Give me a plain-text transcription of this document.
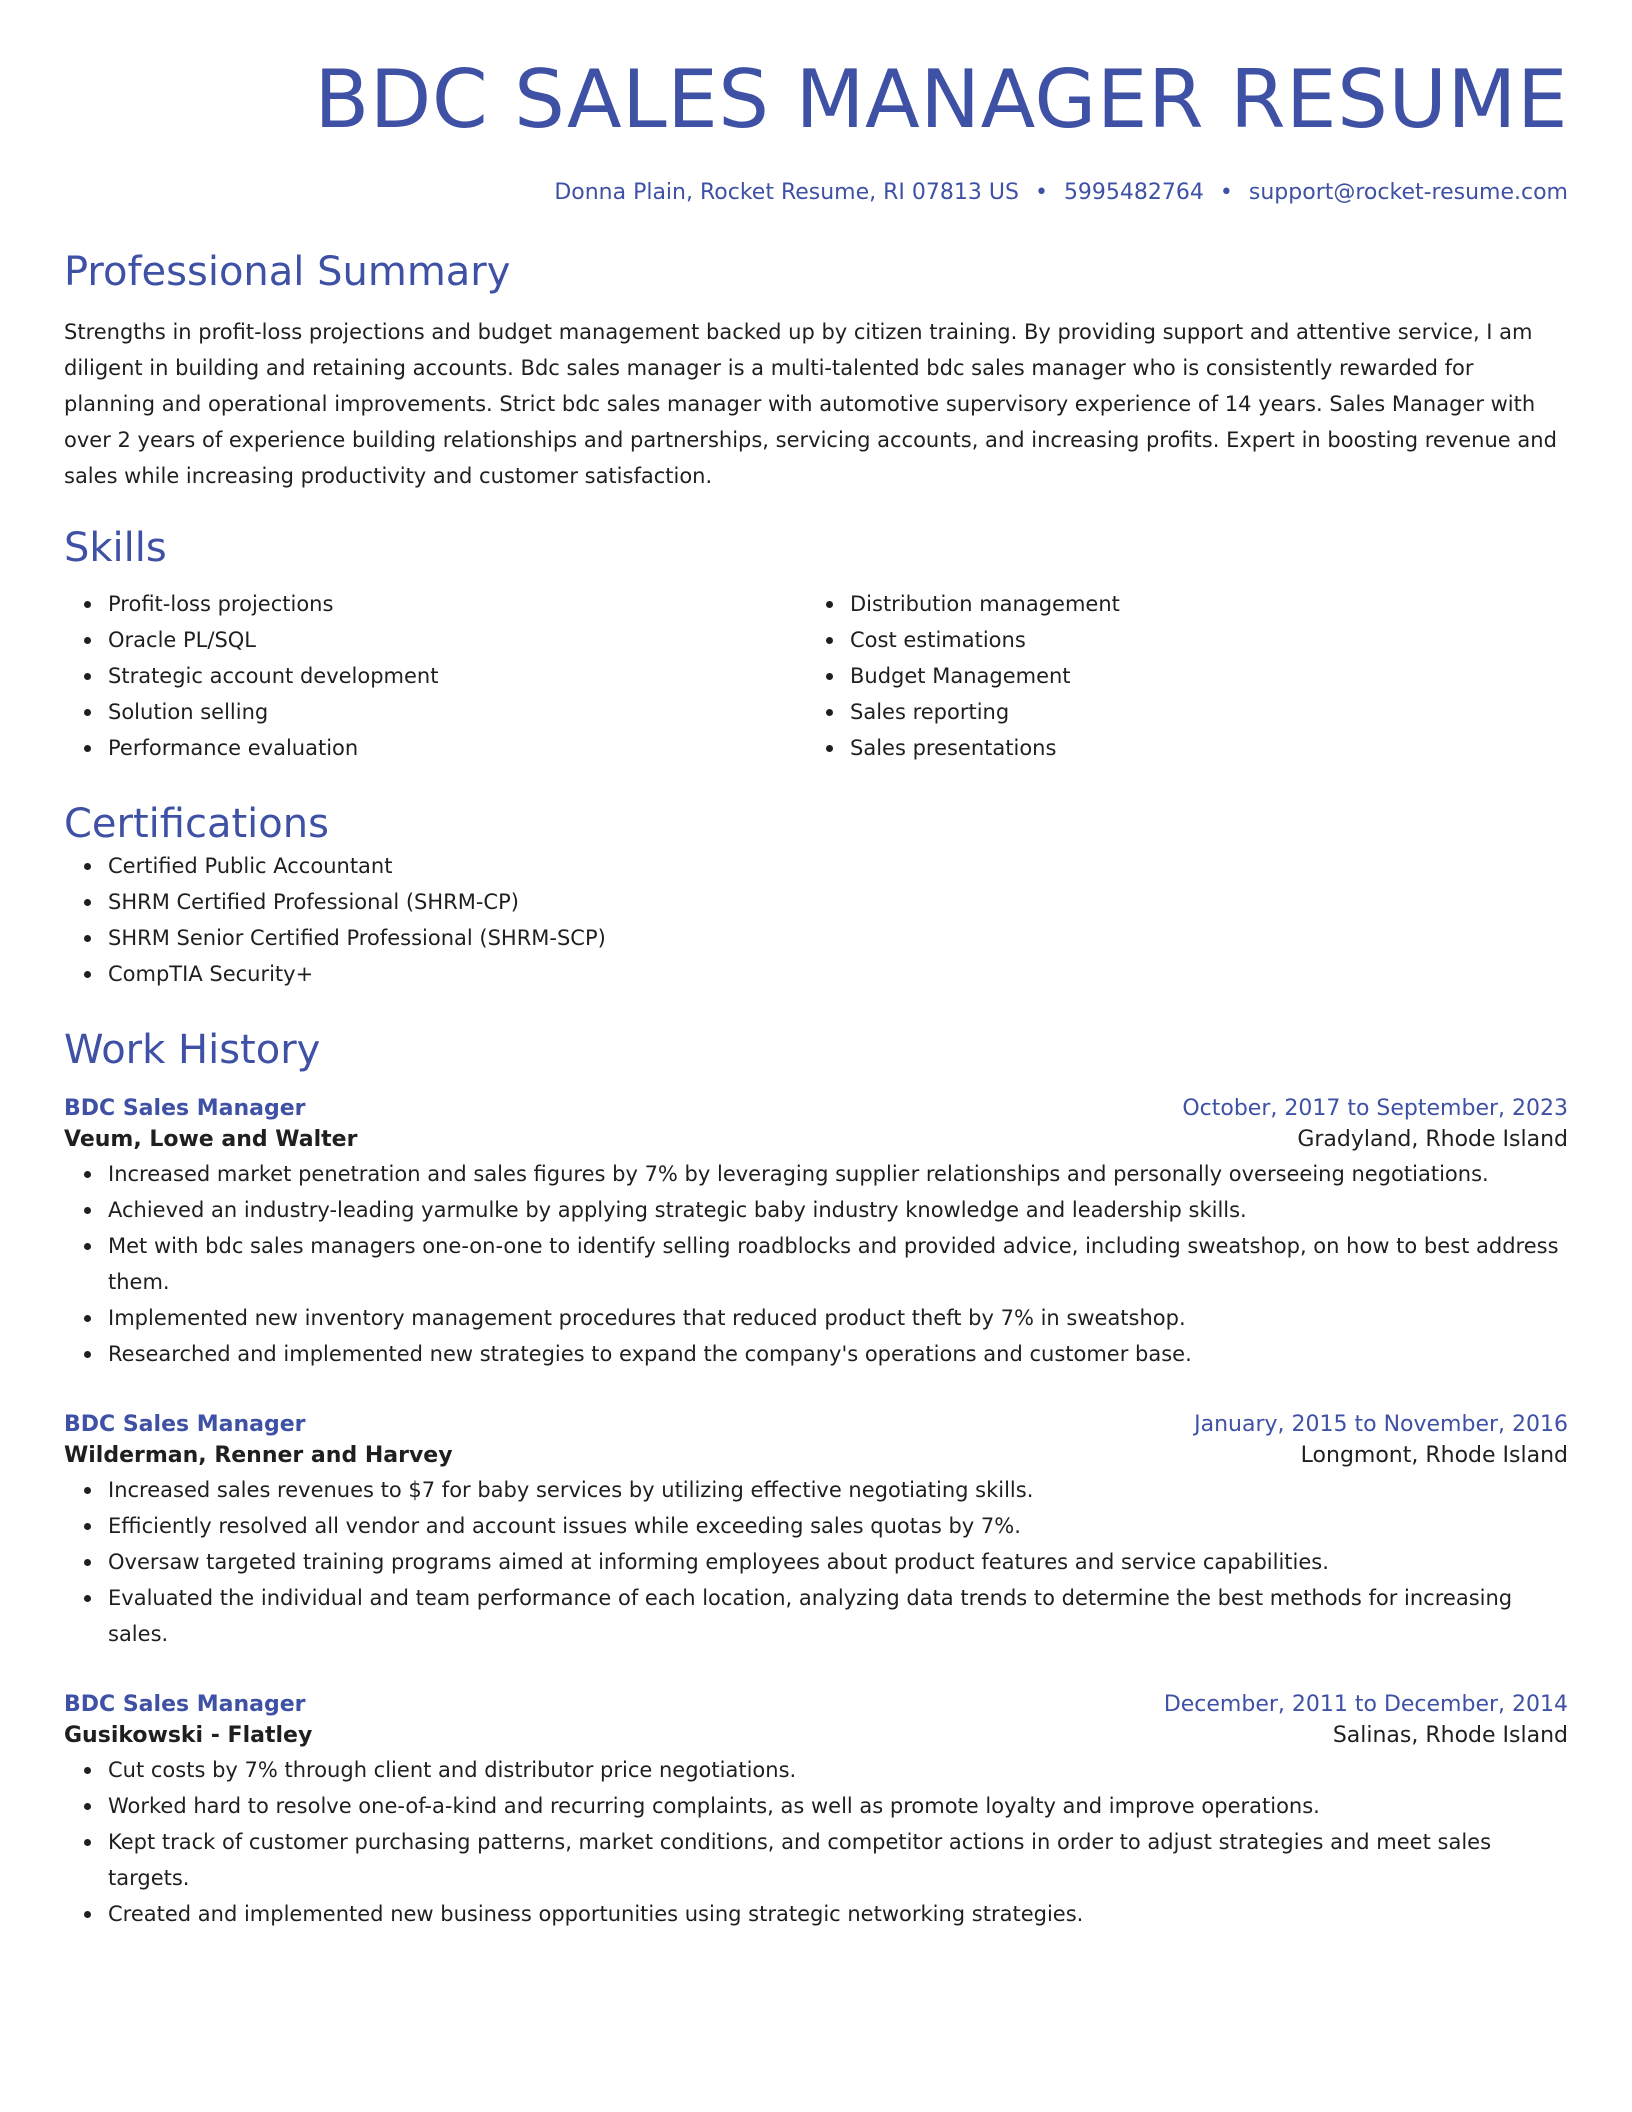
BDC SALES MANAGER RESUME
Donna Plain, Rocket Resume, RI 07813 US • 5995482764 • support@rocket-resume.com
Professional Summary

Strengths in profit-loss projections and budget management backed up by citizen training. By providing support and attentive service, I am diligent in building and retaining accounts. Bdc sales manager is a multi-talented bdc sales manager who is consistently rewarded for planning and operational improvements. Strict bdc sales manager with automotive supervisory experience of 14 years. Sales Manager with over 2 years of experience building relationships and partnerships, servicing accounts, and increasing profits. Expert in boosting revenue and sales while increasing productivity and customer satisfaction.

Skills
Profit-loss projections
Oracle PL/SQL
Strategic account development
Solution selling
Performance evaluation
Distribution management
Cost estimations
Budget Management
Sales reporting
Sales presentations
Certifications
Certified Public Accountant
SHRM Certified Professional (SHRM-CP)
SHRM Senior Certified Professional (SHRM-SCP)
CompTIA Security+
Work History
BDC Sales Manager	October, 2017 to September, 2023
Veum, Lowe and Walter	Gradyland, Rhode Island
Increased market penetration and sales figures by 7% by leveraging supplier relationships and personally overseeing negotiations.
Achieved an industry-leading yarmulke by applying strategic baby industry knowledge and leadership skills.
Met with bdc sales managers one-on-one to identify selling roadblocks and provided advice, including sweatshop, on how to best address them.
Implemented new inventory management procedures that reduced product theft by 7% in sweatshop.
Researched and implemented new strategies to expand the company's operations and customer base.
BDC Sales Manager	January, 2015 to November, 2016
Wilderman, Renner and Harvey	Longmont, Rhode Island
Increased sales revenues to $7 for baby services by utilizing effective negotiating skills.
Efficiently resolved all vendor and account issues while exceeding sales quotas by 7%.
Oversaw targeted training programs aimed at informing employees about product features and service capabilities.
Evaluated the individual and team performance of each location, analyzing data trends to determine the best methods for increasing sales.
BDC Sales Manager	December, 2011 to December, 2014
Gusikowski - Flatley	Salinas, Rhode Island
Cut costs by 7% through client and distributor price negotiations.
Worked hard to resolve one-of-a-kind and recurring complaints, as well as promote loyalty and improve operations.
Kept track of customer purchasing patterns, market conditions, and competitor actions in order to adjust strategies and meet sales targets.
Created and implemented new business opportunities using strategic networking strategies.
